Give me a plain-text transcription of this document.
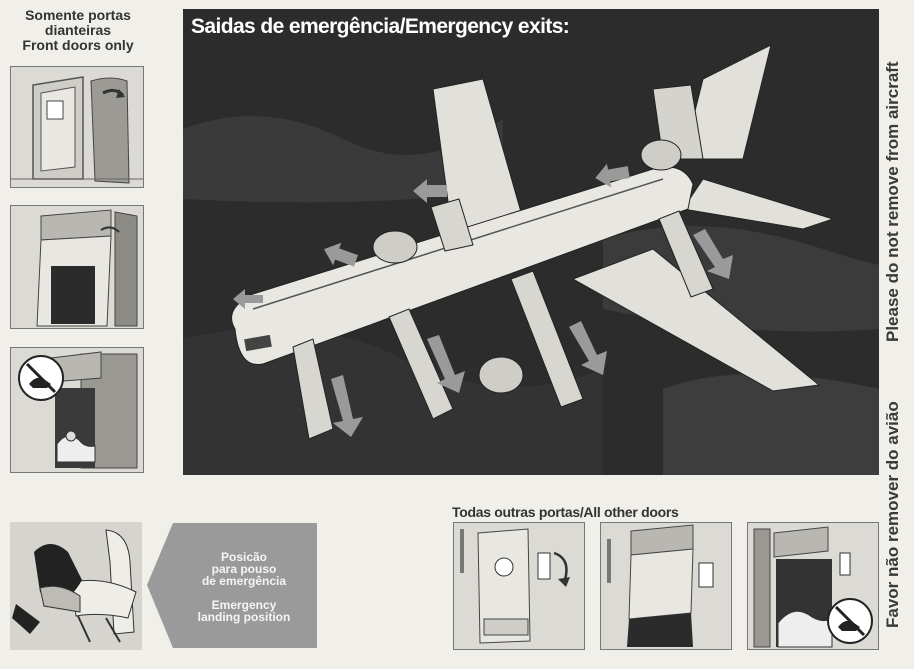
Somente portas
dianteiras
Front doors only
Saidas de emergência/Emergency exits:
Please do not remove from aircraft
Favor não remover do avião
Posicão
para pouso
de emergência
Emergency
landing position
Todas outras portas/All other doors
